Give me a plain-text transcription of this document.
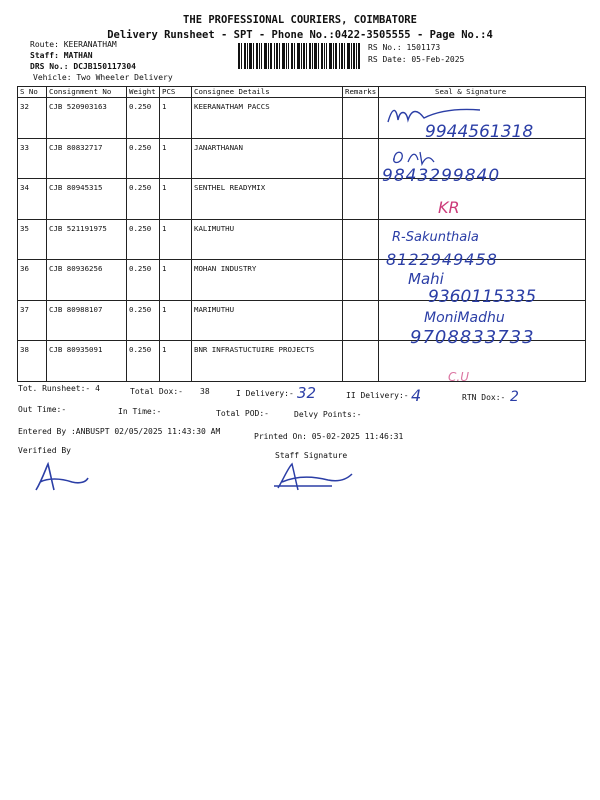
THE PROFESSIONAL COURIERS, COIMBATORE
Delivery Runsheet - SPT - Phone No.:0422-3505555 - Page No.:4
Route: KEERANATHAM
Staff: MATHAN
DRS No.: DCJB150117304
Vehicle: Two Wheeler Delivery
RS No.: 1501173
RS Date: 05-Feb-2025
S No	Consignment No	Weight	PCS	Consignee Details	Remarks	Seal & Signature
32	CJB 520903163	0.250	1	KEERANATHAM PACCS		
33	CJB 80832717	0.250	1	JANARTHANAN		
34	CJB 80945315	0.250	1	SENTHEL READYMIX		
35	CJB 521191975	0.250	1	KALIMUTHU		
36	CJB 80936256	0.250	1	MOHAN INDUSTRY		
37	CJB 80988107	0.250	1	MARIMUTHU		
38	CJB 80935091	0.250	1	BNR INFRASTUCTUIRE PROJECTS		
9944561318
9843299840
KR
R-Sakunthala
8122949458
Mahi
9360115335
MoniMadhu
9708833733
C.U
Tot. Runsheet:- 4	Total Dox:- 38	I Delivery:- 32	II Delivery:- 4	RTN Dox:- 2
Out Time:-	In Time:-	Total POD:-	Delvy Points:-
Entered By :ANBUSPT 02/05/2025 11:43:30 AM
Printed On: 05-02-2025 11:46:31
Verified By
Staff Signature
